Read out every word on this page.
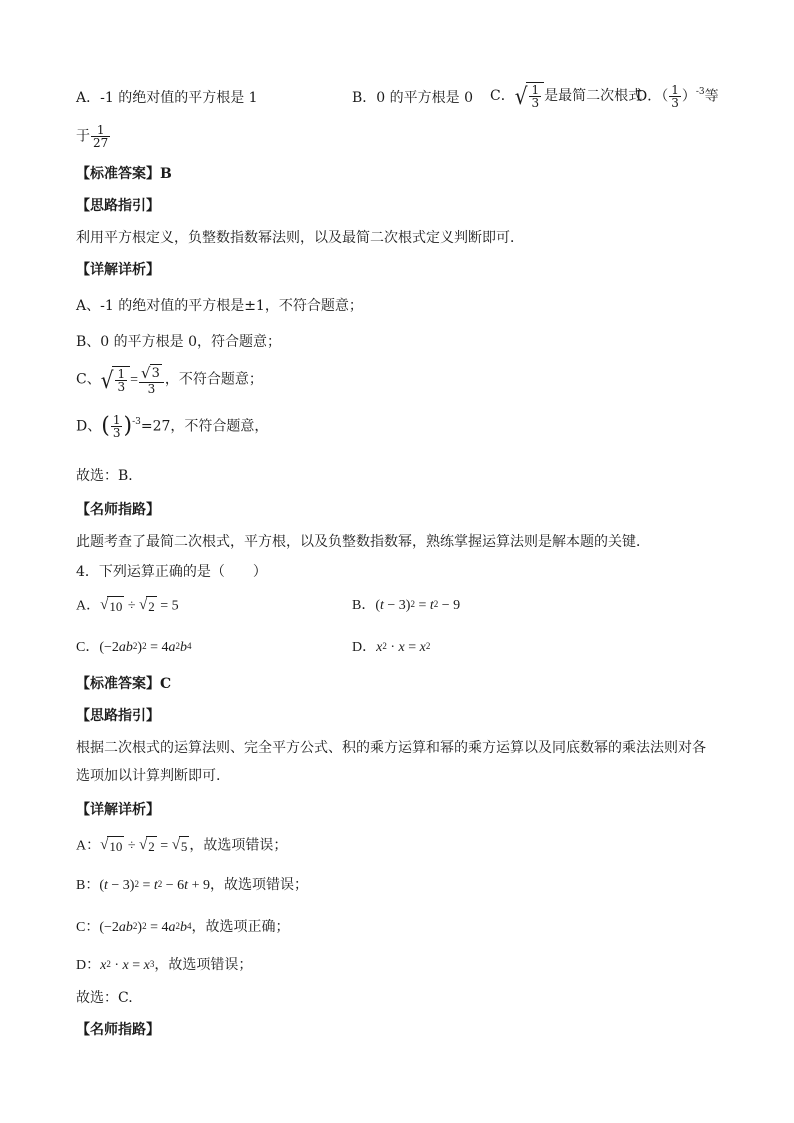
A．-1 的绝对值的平方根是 1	B．0 的平方根是 0 C． √ $\frac{1}{3}$ 是最简二次根式
D．（ $\frac{1}{3} )^{-3}$等
于 $\frac{1}{27}$
【标准答案】B
【思路指引】
利用平方根定义，负整数指数幂法则，以及最简二次根式定义判断即可．
【详解详析】
A、-1 的绝对值的平方根是±1，不符合题意；
B、0 的平方根是 0，符合题意；
C、 √ $\frac{1}{3} = \frac{√ 3}{3}$ ，不符合题意；
D、( $\frac{1}{3} )^{-3}=27$，不符合题意，
故选：B．
【名师指路】
此题考查了最简二次根式，平方根，以及负整数指数幂，熟练掌握运算法则是解本题的关键．
4．下列运算正确的是（　　）
A． √ 10 ÷ √ 2 = 5	B．$(t - 3)^2 = t^2 - 9$
C．$(-2ab^2)^2 = 4a^2b^4$	D．$x^2 \cdot x = x^2$
【标准答案】C
【思路指引】
根据二次根式的运算法则、完全平方公式、积的乘方运算和幂的乘方运算以及同底数幂的乘法法则对各
选项加以计算判断即可.
【详解详析】
A： √ 10 ÷ √ 2 = √ 5 ，故选项错误；
B：$(t - 3)^2 = t^2 - 6t + 9$，故选项错误；
C：$(-2ab^2)^2 = 4a^2b^4$，故选项正确；
D：$x^2 \cdot x = x^3$，故选项错误；
故选：C.
【名师指路】
